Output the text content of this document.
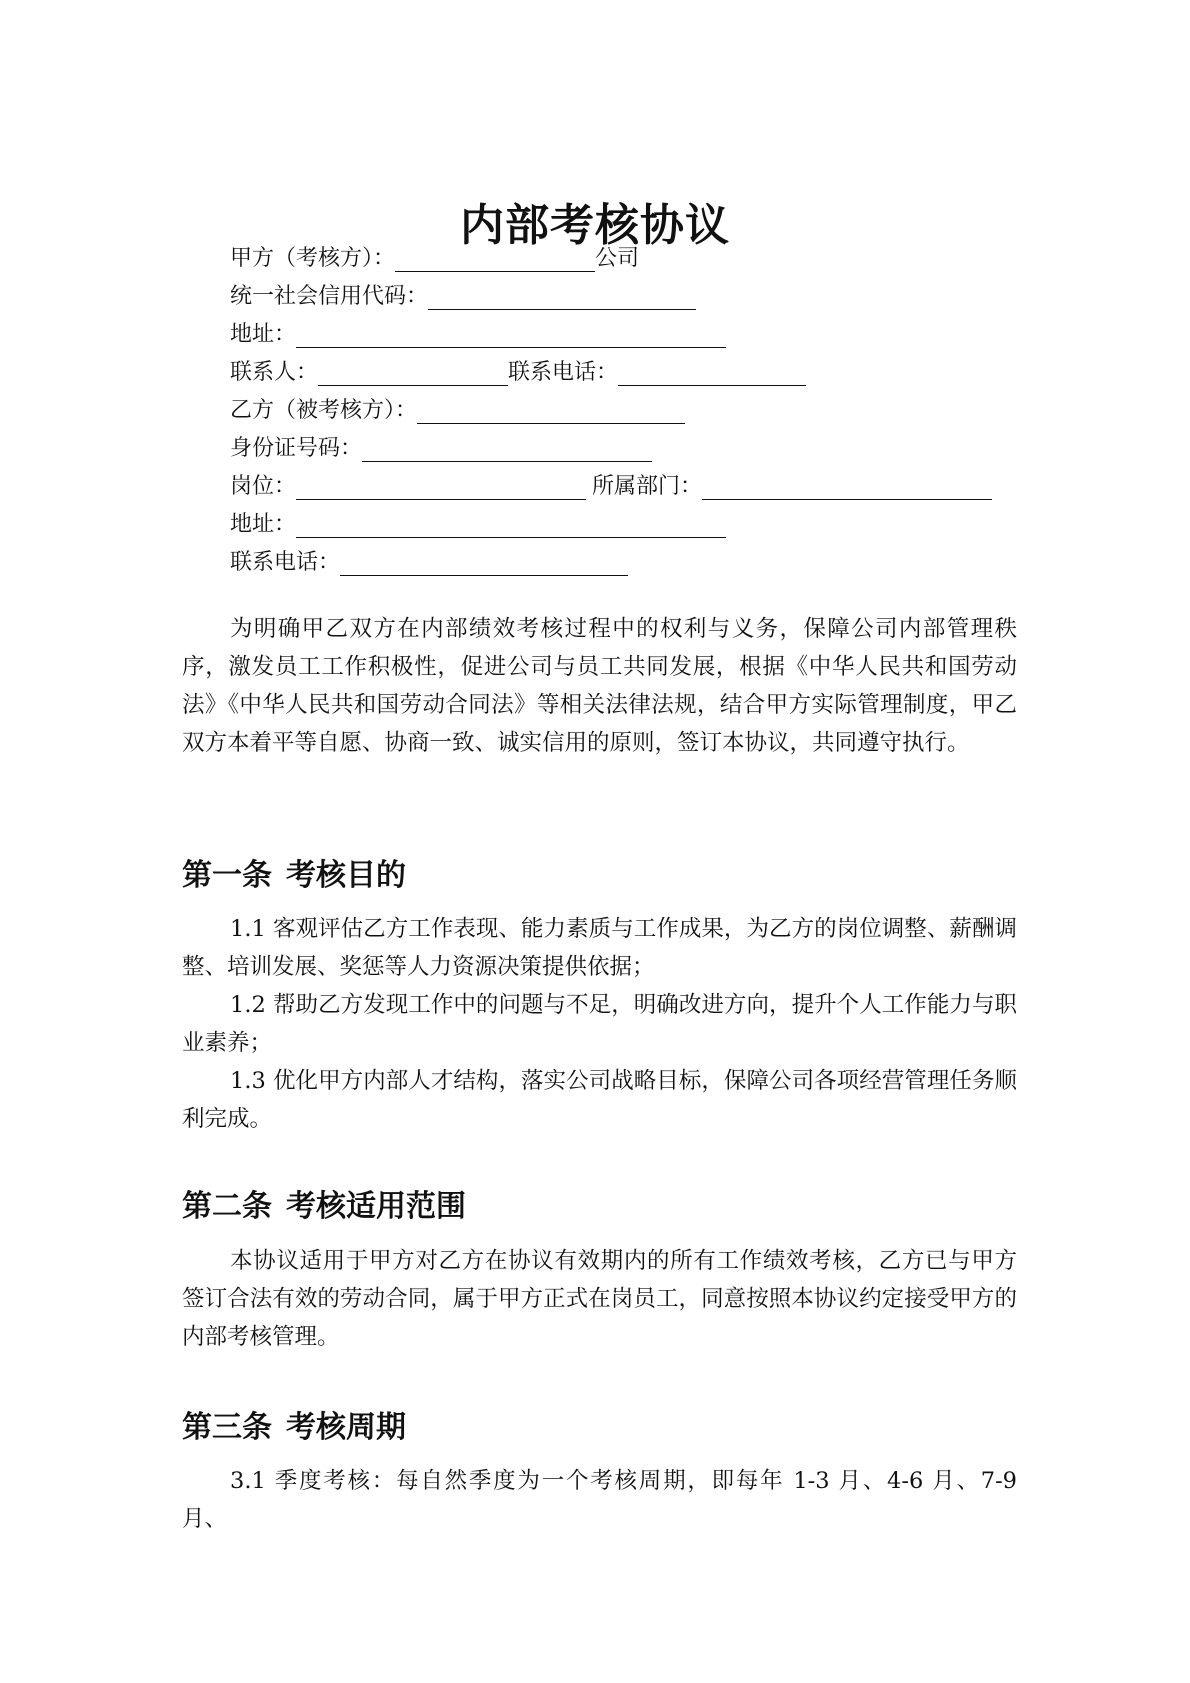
内部考核协议
甲方（考核方）：	公司
统一社会信用代码：
地址：
联系人：	联系电话：
乙方（被考核方）：
身份证号码：
岗位：	所属部门：
地址：
联系电话：

为明确甲乙双方在内部绩效考核过程中的权利与义务，保障公司内部管理秩序，激发员工工作积极性，促进公司与员工共同发展，根据《中华人民共和国劳动法》《中华人民共和国劳动合同法》等相关法律法规，结合甲方实际管理制度，甲乙双方本着平等自愿、协商一致、诚实信用的原则，签订本协议，共同遵守执行。

第一条 考核目的

1.1 客观评估乙方工作表现、能力素质与工作成果，为乙方的岗位调整、薪酬调整、培训发展、奖惩等人力资源决策提供依据；

1.2 帮助乙方发现工作中的问题与不足，明确改进方向，提升个人工作能力与职业素养；

1.3 优化甲方内部人才结构，落实公司战略目标，保障公司各项经营管理任务顺利完成。

第二条 考核适用范围

本协议适用于甲方对乙方在协议有效期内的所有工作绩效考核，乙方已与甲方签订合法有效的劳动合同，属于甲方正式在岗员工，同意按照本协议约定接受甲方的内部考核管理。

第三条 考核周期

3.1 季度考核：每自然季度为一个考核周期，即每年 1-3 月、4-6 月、7-9 月、
